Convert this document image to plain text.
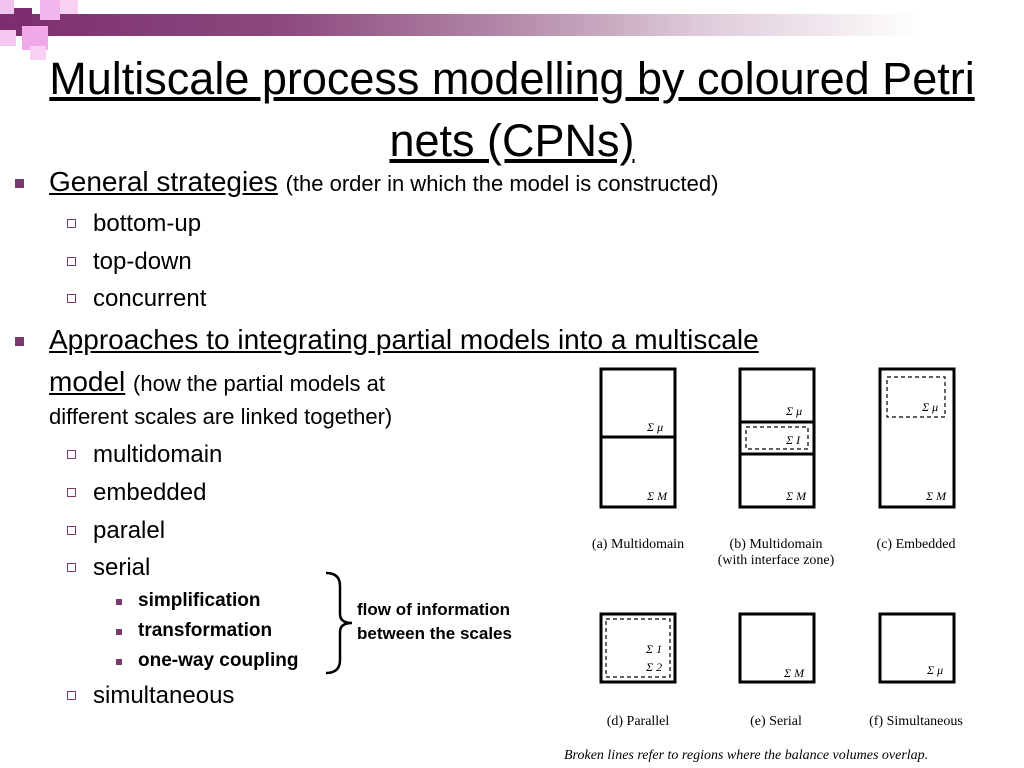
Multiscale process modelling by coloured Petri nets (CPNs)
General strategies (the order in which the model is constructed)
bottom-up
top-down
concurrent
Approaches to integrating partial models into a multiscale
model (how the partial models at
different scales are linked together)
multidomain
embedded
paralel
serial
simplification
transformation
one-way coupling
simultaneous
flow of information
between the scales
Σ μ
Σ M
Σ μ
Σ I
Σ M
Σ μ
Σ M
Σ 1
Σ 2	Σ M	Σ μ
(a) Multidomain	(b) Multidomain
(with interface zone)
(c) Embedded
(d) Parallel	(e) Serial	(f) Simultaneous
Broken lines refer to regions where the balance volumes overlap.
